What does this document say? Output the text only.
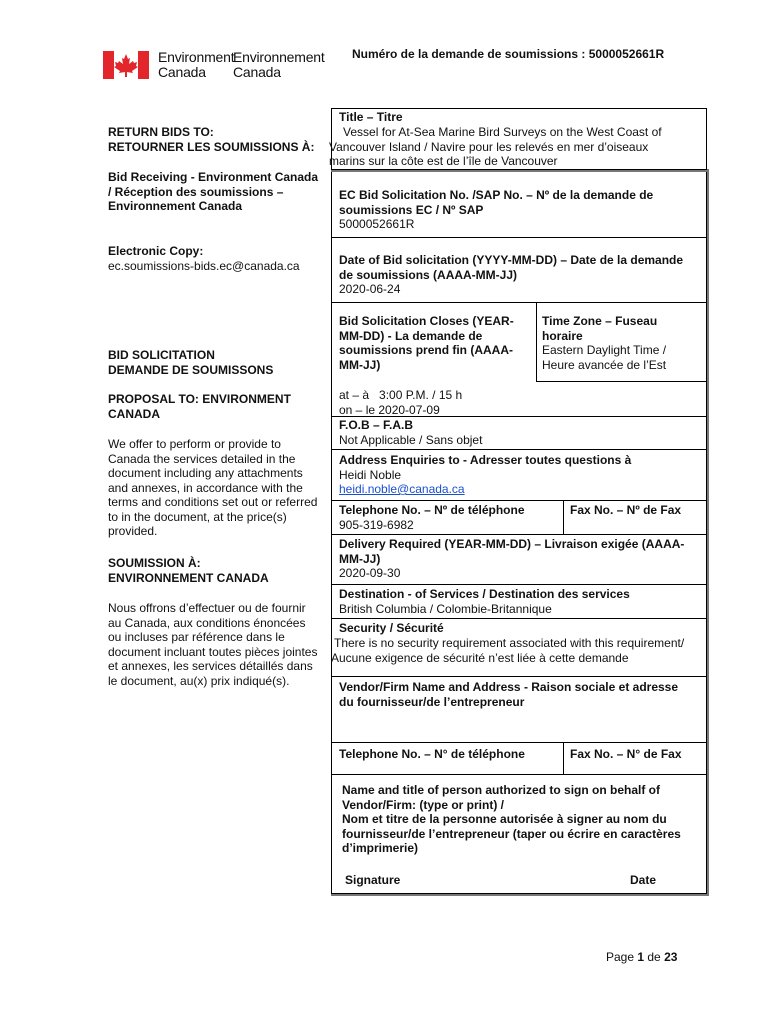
Environment
Canada
Environnement
Canada
Numéro de la demande de soumissions : 5000052661R
RETURN BIDS TO:
RETOURNER LES SOUMISSIONS À:
Bid Receiving - Environment Canada
/ Réception des soumissions –
Environnement Canada
Electronic Copy:
ec.soumissions-bids.ec@canada.ca
BID SOLICITATION
DEMANDE DE SOUMISSONS
PROPOSAL TO: ENVIRONMENT
CANADA
We offer to perform or provide to
Canada the services detailed in the
document including any attachments
and annexes, in accordance with the
terms and conditions set out or referred
to in the document, at the price(s)
provided.
SOUMISSION À:
ENVIRONNEMENT CANADA
Nous offrons d’effectuer ou de fournir
au Canada, aux conditions énoncées
ou incluses par référence dans le
document incluant toutes pièces jointes
et annexes, les services détaillés dans
le document, au(x) prix indiqué(s).
Title – Titre
Vessel for At-Sea Marine Bird Surveys on the West Coast of
Vancouver Island / Navire pour les relevés en mer d’oiseaux
marins sur la côte est de l’île de Vancouver
EC Bid Solicitation No. /SAP No. – Nº de la demande de
soumissions EC / Nº SAP
5000052661R
Date of Bid solicitation (YYYY-MM-DD) – Date de la demande
de soumissions (AAAA-MM-JJ)
2020-06-24
Bid Solicitation Closes (YEAR-
MM-DD) - La demande de
soumissions prend fin (AAAA-
MM-JJ)
Time Zone – Fuseau
horaire
Eastern Daylight Time /
Heure avancée de l’Est
at – à   3:00 P.M. / 15 h
on – le 2020-07-09
F.O.B – F.A.B
Not Applicable / Sans objet
Address Enquiries to - Adresser toutes questions à
Heidi Noble
heidi.noble@canada.ca
Telephone No. – Nº de téléphone
905-319-6982
Fax No. – Nº de Fax
Delivery Required (YEAR-MM-DD) – Livraison exigée (AAAA-
MM-JJ)
2020-09-30
Destination - of Services / Destination des services
British Columbia / Colombie-Britannique
Security / Sécurité
There is no security requirement associated with this requirement/
Aucune exigence de sécurité n’est liée à cette demande
Vendor/Firm Name and Address - Raison sociale et adresse
du fournisseur/de l’entrepreneur
Telephone No. – N° de téléphone	Fax No. – N° de Fax
Name and title of person authorized to sign on behalf of
Vendor/Firm: (type or print) /
Nom et titre de la personne autorisée à signer au nom du
fournisseur/de l’entrepreneur (taper ou écrire en caractères
d’imprimerie)
Signature	Date
Page 1 de 23
